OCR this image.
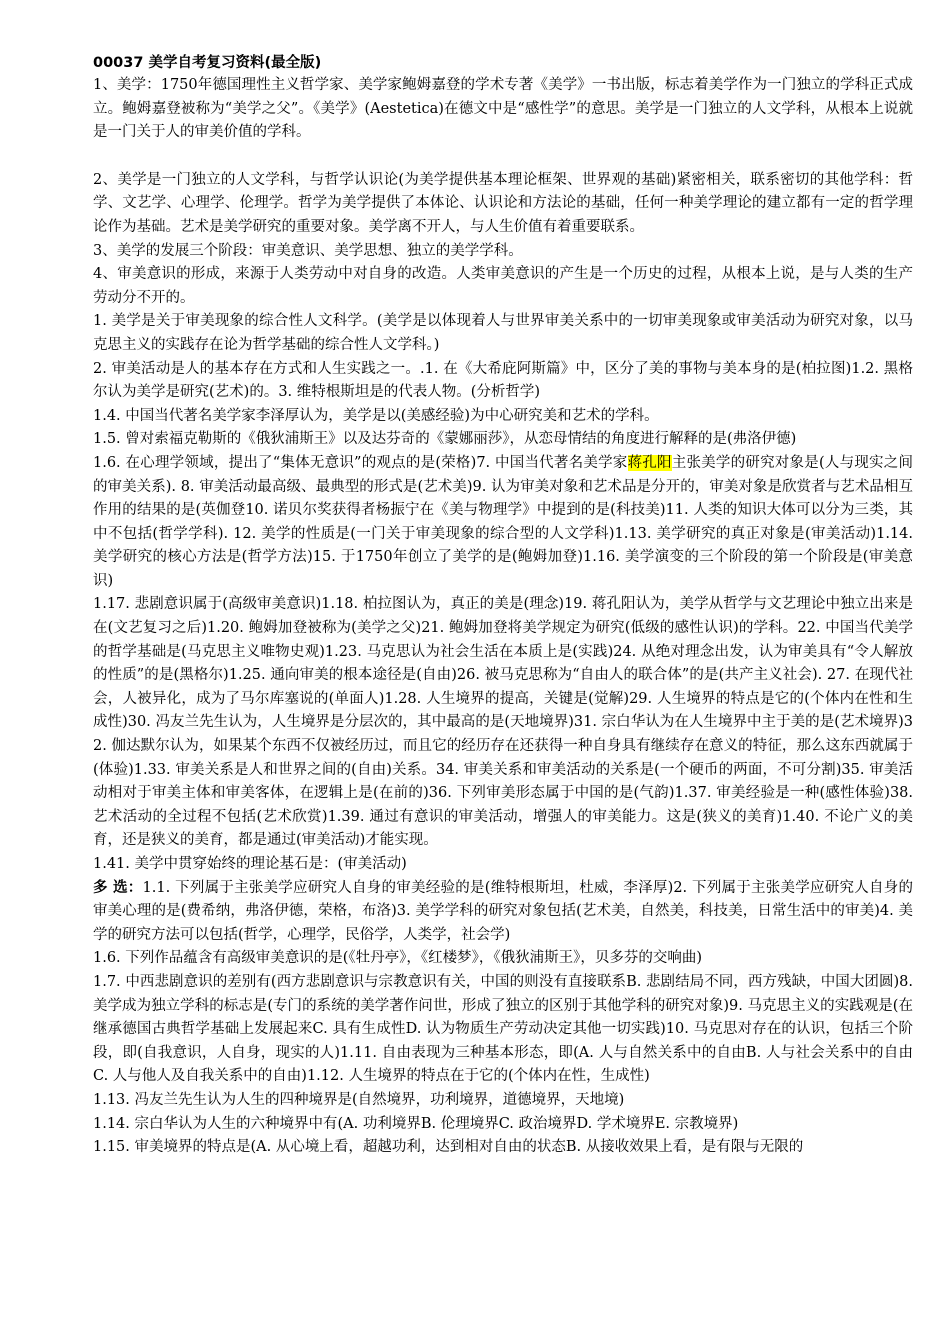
00037 美学自考复习资料(最全版)

1、美学：1750年德国理性主义哲学家、美学家鲍姆嘉登的学术专著《美学》一书出版，标志着美学作为一门独立的学科正式成立。鲍姆嘉登被称为“美学之父”。《美学》(Aestetica)在德文中是“感性学”的意思。美学是一门独立的人文学科，从根本上说就是一门关于人的审美价值的学科。

2、美学是一门独立的人文学科，与哲学认识论(为美学提供基本理论框架、世界观的基础)紧密相关，联系密切的其他学科：哲学、文艺学、心理学、伦理学。哲学为美学提供了本体论、认识论和方法论的基础，任何一种美学理论的建立都有一定的哲学理论作为基础。艺术是美学研究的重要对象。美学离不开人，与人生价值有着重要联系。

3、美学的发展三个阶段：审美意识、美学思想、独立的美学学科。

4、审美意识的形成，来源于人类劳动中对自身的改造。人类审美意识的产生是一个历史的过程，从根本上说，是与人类的生产劳动分不开的。

1. 美学是关于审美现象的综合性人文科学。(美学是以体现着人与世界审美关系中的一切审美现象或审美活动为研究对象，以马克思主义的实践存在论为哲学基础的综合性人文学科。)

2. 审美活动是人的基本存在方式和人生实践之一。.1. 在《大希庇阿斯篇》中，区分了美的事物与美本身的是(柏拉图)1.2. 黑格尔认为美学是研究(艺术)的。3. 维特根斯坦是的代表人物。(分析哲学)

1.4. 中国当代著名美学家李泽厚认为，美学是以(美感经验)为中心研究美和艺术的学科。

1.5. 曾对索福克勒斯的《俄狄浦斯王》以及达芬奇的《蒙娜丽莎》，从恋母情结的角度进行解释的是(弗洛伊德)

1.6. 在心理学领域，提出了“集体无意识”的观点的是(荣格)7. 中国当代著名美学家蒋孔阳主张美学的研究对象是(人与现实之间的审美关系). 8. 审美活动最高级、最典型的形式是(艺术美)9. 认为审美对象和艺术品是分开的，审美对象是欣赏者与艺术品相互作用的结果的是(英伽登10. 诺贝尔奖获得者杨振宁在《美与物理学》中提到的是(科技美)11. 人类的知识大体可以分为三类，其中不包括(哲学学科). 12. 美学的性质是(一门关于审美现象的综合型的人文学科)1.13. 美学研究的真正对象是(审美活动)1.14. 美学研究的核心方法是(哲学方法)15. 于1750年创立了美学的是(鲍姆加登)1.16. 美学演变的三个阶段的第一个阶段是(审美意识)

1.17. 悲剧意识属于(高级审美意识)1.18. 柏拉图认为，真正的美是(理念)19. 蒋孔阳认为，美学从哲学与文艺理论中独立出来是在(文艺复习之后)1.20. 鲍姆加登被称为(美学之父)21. 鲍姆加登将美学规定为研究(低级的感性认识)的学科。22. 中国当代美学的哲学基础是(马克思主义唯物史观)1.23. 马克思认为社会生活在本质上是(实践)24. 从绝对理念出发，认为审美具有“令人解放的性质”的是(黑格尔)1.25. 通向审美的根本途径是(自由)26. 被马克思称为“自由人的联合体”的是(共产主义社会). 27. 在现代社会，人被异化，成为了马尔库塞说的(单面人)1.28. 人生境界的提高，关键是(觉解)29. 人生境界的特点是它的(个体内在性和生成性)30. 冯友兰先生认为，人生境界是分层次的，其中最高的是(天地境界)31. 宗白华认为在人生境界中主于美的是(艺术境界)32. 伽达默尔认为，如果某个东西不仅被经历过，而且它的经历存在还获得一种自身具有继续存在意义的特征，那么这东西就属于(体验)1.33. 审美关系是人和世界之间的(自由)关系。34. 审美关系和审美活动的关系是(一个硬币的两面，不可分割)35. 审美活动相对于审美主体和审美客体，在逻辑上是(在前的)36. 下列审美形态属于中国的是(气韵)1.37. 审美经验是一种(感性体验)38. 艺术活动的全过程不包括(艺术欣赏)1.39. 通过有意识的审美活动，增强人的审美能力。这是(狭义的美育)1.40. 不论广义的美育，还是狭义的美育，都是通过(审美活动)才能实现。

1.41. 美学中贯穿始终的理论基石是：(审美活动)

多 选：1.1. 下列属于主张美学应研究人自身的审美经验的是(维特根斯坦，杜威，李泽厚)2. 下列属于主张美学应研究人自身的审美心理的是(费希纳，弗洛伊德，荣格，布洛)3. 美学学科的研究对象包括(艺术美，自然美，科技美，日常生活中的审美)4. 美学的研究方法可以包括(哲学，心理学，民俗学，人类学，社会学)

1.6. 下列作品蕴含有高级审美意识的是(《牡丹亭》，《红楼梦》，《俄狄浦斯王》，贝多芬的交响曲)

1.7. 中西悲剧意识的差别有(西方悲剧意识与宗教意识有关，中国的则没有直接联系B. 悲剧结局不同，西方残缺，中国大团圆)8. 美学成为独立学科的标志是(专门的系统的美学著作问世，形成了独立的区别于其他学科的研究对象)9. 马克思主义的实践观是(在继承德国古典哲学基础上发展起来C. 具有生成性D. 认为物质生产劳动决定其他一切实践)10. 马克思对存在的认识，包括三个阶段，即(自我意识，人自身，现实的人)1.11. 自由表现为三种基本形态，即(A. 人与自然关系中的自由B. 人与社会关系中的自由C. 人与他人及自我关系中的自由)1.12. 人生境界的特点在于它的(个体内在性，生成性)

1.13. 冯友兰先生认为人生的四种境界是(自然境界，功利境界，道德境界，天地境)

1.14. 宗白华认为人生的六种境界中有(A. 功利境界B. 伦理境界C. 政治境界D. 学术境界E. 宗教境界)

1.15. 审美境界的特点是(A. 从心境上看，超越功利，达到相对自由的状态B. 从接收效果上看，是有限与无限的
